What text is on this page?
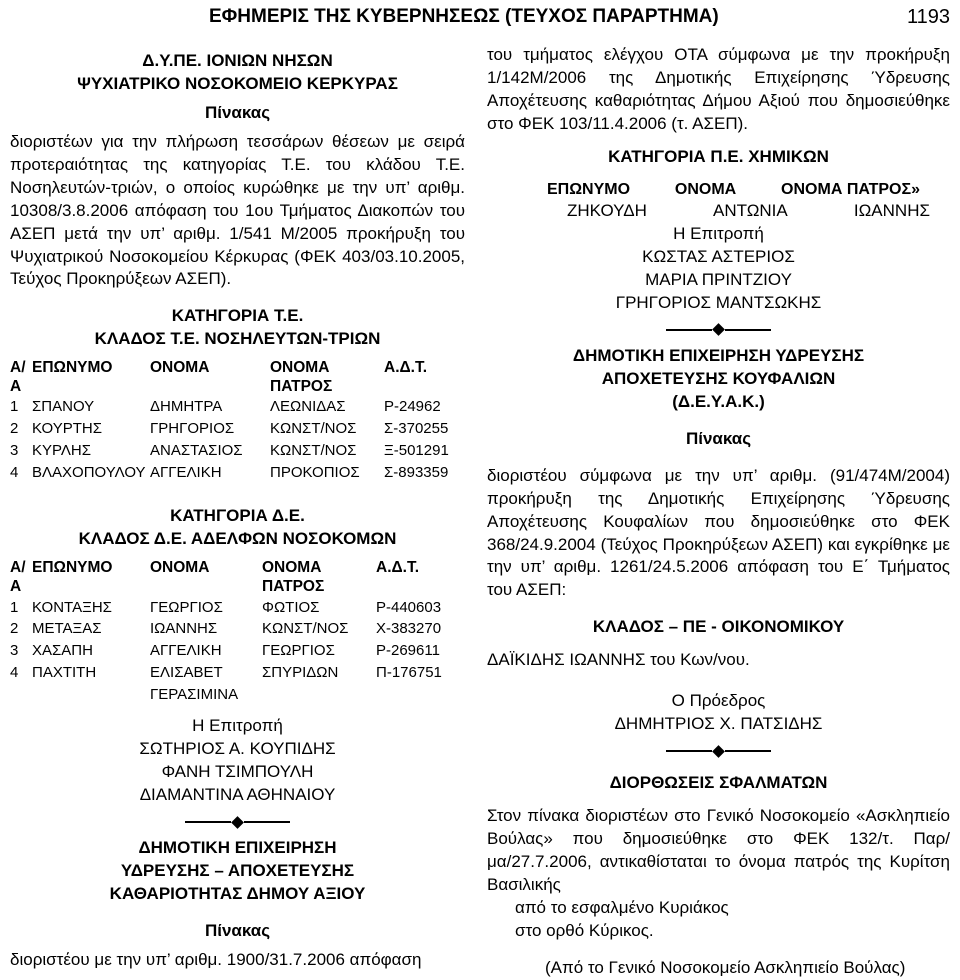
ΕΦΗΜΕΡΙΣ ΤΗΣ ΚΥΒΕΡΝΗΣΕΩΣ (ΤΕΥΧΟΣ ΠΑΡΑΡΤΗΜΑ)	1193

Δ.Υ.ΠΕ. ΙΟΝΙΩΝ ΝΗΣΩΝ

ΨΥΧΙΑΤΡΙΚΟ ΝΟΣΟΚΟΜΕΙΟ ΚΕΡΚΥΡΑΣ

Πίνακας

διοριστέων για την πλήρωση τεσσάρων θέσεων με σειρά προτεραιότητας της κατηγορίας Τ.Ε. του κλάδου Τ.Ε. Νοσηλευτών-τριών, ο οποίος κυρώθηκε με την υπ’ αριθμ. 10308/3.8.2006 απόφαση του 1ου Τμήματος Διακοπών του ΑΣΕΠ μετά την υπ’ αριθμ. 1/541 Μ/2005 προκήρυξη του Ψυχιατρικού Νοσοκομείου Κέρκυρας (ΦΕΚ 403/03.10.2005, Τεύχος Προκηρύξεων ΑΣΕΠ).

ΚΑΤΗΓΟΡΙΑ Τ.Ε.

ΚΛΑΔΟΣ Τ.Ε. ΝΟΣΗΛΕΥΤΩΝ-ΤΡΙΩΝ

Α/Α	ΕΠΩΝΥΜΟ	ΟΝΟΜΑ	ΟΝΟΜΑ ΠΑΤΡΟΣ	Α.Δ.Τ.
1	ΣΠΑΝΟΥ	ΔΗΜΗΤΡΑ	ΛΕΩΝΙΔΑΣ	Ρ-24962
2	ΚΟΥΡΤΗΣ	ΓΡΗΓΟΡΙΟΣ	ΚΩΝΣΤ/ΝΟΣ	Σ-370255
3	ΚΥΡΛΗΣ	ΑΝΑΣΤΑΣΙΟΣ	ΚΩΝΣΤ/ΝΟΣ	Ξ-501291
4	ΒΛΑΧΟΠΟΥΛΟΥ	ΑΓΓΕΛΙΚΗ	ΠΡΟΚΟΠΙΟΣ	Σ-893359

ΚΑΤΗΓΟΡΙΑ Δ.Ε.

ΚΛΑΔΟΣ Δ.Ε. ΑΔΕΛΦΩΝ ΝΟΣΟΚΟΜΩΝ

Α/Α	ΕΠΩΝΥΜΟ	ΟΝΟΜΑ	ΟΝΟΜΑ ΠΑΤΡΟΣ	Α.Δ.Τ.
1	ΚΟΝΤΑΞΗΣ	ΓΕΩΡΓΙΟΣ	ΦΩΤΙΟΣ	Ρ-440603
2	ΜΕΤΑΞΑΣ	ΙΩΑΝΝΗΣ	ΚΩΝΣΤ/ΝΟΣ	Χ-383270
3	ΧΑΣΑΠΗ	ΑΓΓΕΛΙΚΗ	ΓΕΩΡΓΙΟΣ	Ρ-269611
4	ΠΑΧΤΙΤΗ	ΕΛΙΣΑΒΕΤ ΓΕΡΑΣΙΜΙΝΑ	ΣΠΥΡΙΔΩΝ	Π-176751

Η Επιτροπή

ΣΩΤΗΡΙΟΣ Α. ΚΟΥΠΙΔΗΣ

ΦΑΝΗ ΤΣΙΜΠΟΥΛΗ

ΔΙΑΜΑΝΤΙΝΑ ΑΘΗΝΑΙΟΥ

ΔΗΜΟΤΙΚΗ ΕΠΙΧΕΙΡΗΣΗ

ΥΔΡΕΥΣΗΣ – ΑΠΟΧΕΤΕΥΣΗΣ

ΚΑΘΑΡΙΟΤΗΤΑΣ ΔΗΜΟΥ ΑΞΙΟΥ

Πίνακας

διοριστέου με την υπ’ αριθμ. 1900/31.7.2006 απόφαση

του τμήματος ελέγχου ΟΤΑ σύμφωνα με την προκήρυξη 1/142Μ/2006 της Δημοτικής Επιχείρησης Ύδρευσης Αποχέτευσης καθαριότητας Δήμου Αξιού που δημοσιεύθηκε στο ΦΕΚ 103/11.4.2006 (τ. ΑΣΕΠ).

ΚΑΤΗΓΟΡΙΑ Π.Ε. ΧΗΜΙΚΩΝ

ΕΠΩΝΥΜΟ	ΟΝΟΜΑ	ΟΝΟΜΑ ΠΑΤΡΟΣ»
ΖΗΚΟΥΔΗ	ΑΝΤΩΝΙΑ	ΙΩΑΝΝΗΣ

Η Επιτροπή

ΚΩΣΤΑΣ ΑΣΤΕΡΙΟΣ

ΜΑΡΙΑ ΠΡΙΝΤΖΙΟΥ

ΓΡΗΓΟΡΙΟΣ ΜΑΝΤΣΩΚΗΣ

ΔΗΜΟΤΙΚΗ ΕΠΙΧΕΙΡΗΣΗ ΥΔΡΕΥΣΗΣ

ΑΠΟΧΕΤΕΥΣΗΣ ΚΟΥΦΑΛΙΩΝ

(Δ.Ε.Υ.Α.Κ.)

Πίνακας

διοριστέου σύμφωνα με την υπ’ αριθμ. (91/474Μ/2004) προκήρυξη της Δημοτικής Επιχείρησης Ύδρευσης Αποχέτευσης Κουφαλίων που δημοσιεύθηκε στο ΦΕΚ 368/24.9.2004 (Τεύχος Προκηρύξεων ΑΣΕΠ) και εγκρίθηκε με την υπ’ αριθμ. 1261/24.5.2006 απόφαση του Ε΄ Τμήματος του ΑΣΕΠ:

ΚΛΑΔΟΣ – ΠΕ - ΟΙΚΟΝΟΜΙΚΟΥ

ΔΑΪΚΙΔΗΣ ΙΩΑΝΝΗΣ του Κων/νου.

Ο Πρόεδρος

ΔΗΜΗΤΡΙΟΣ Χ. ΠΑΤΣΙΔΗΣ

ΔΙΟΡΘΩΣΕΙΣ ΣΦΑΛΜΑΤΩΝ

Στον πίνακα διοριστέων στο Γενικό Νοσοκομείο «Ασκληπιείο Βούλας» που δημοσιεύθηκε στο ΦΕΚ 132/τ. Παρ/μα/27.7.2006, αντικαθίσταται το όνομα πατρός της Κυρίτση Βασιλικής

από το εσφαλμένο Κυριάκος

στο ορθό Κύρικος.

(Από το Γενικό Νοσοκομείο Ασκληπιείο Βούλας)
